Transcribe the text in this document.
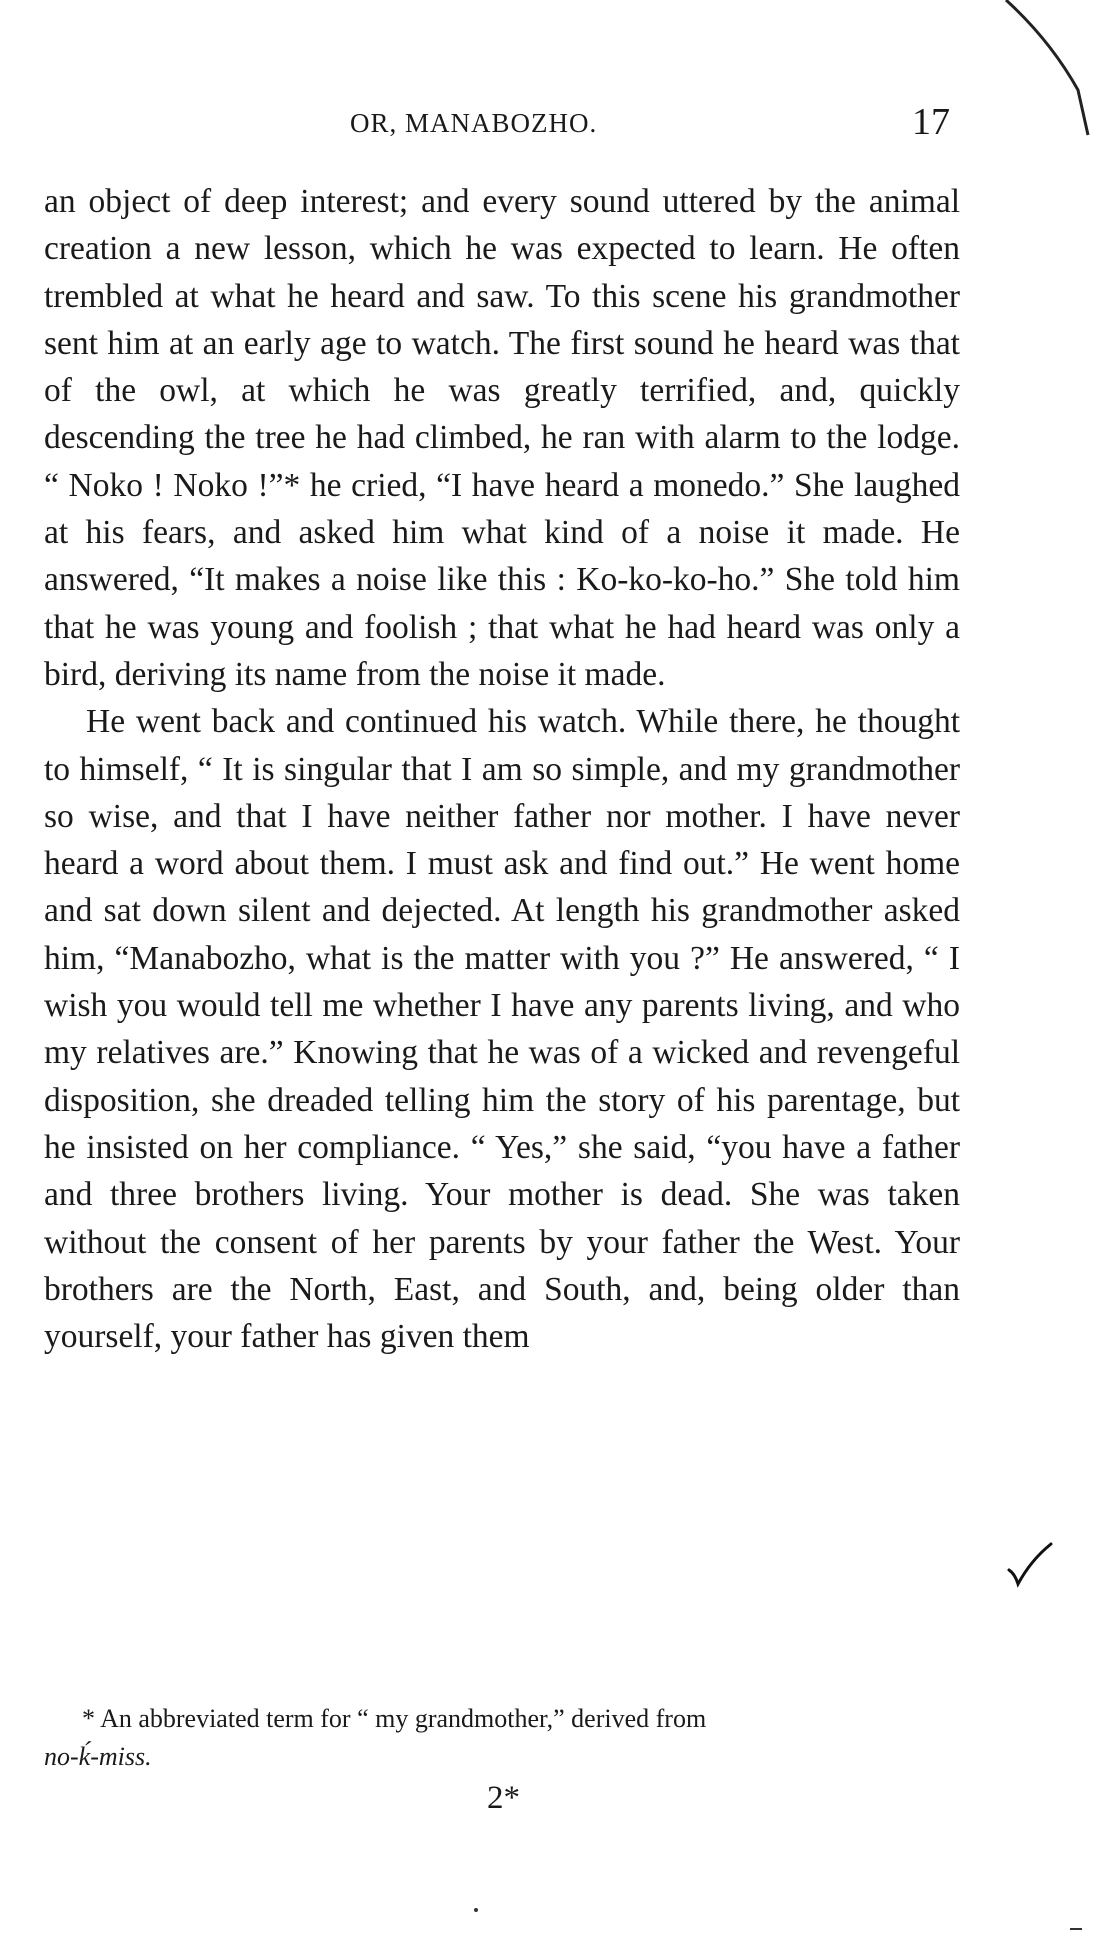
OR, MANABOZHO.	17

an object of deep interest; and every sound uttered by the animal creation a new lesson, which he was expected to learn. He often trembled at what he heard and saw. To this scene his grandmother sent him at an early age to watch. The first sound he heard was that of the owl, at which he was greatly terrified, and, quickly descending the tree he had climbed, he ran with alarm to the lodge. “ Noko ! Noko !”* he cried, “I have heard a monedo.” She laughed at his fears, and asked him what kind of a noise it made. He answered, “It makes a noise like this : Ko-ko-ko-ho.” She told him that he was young and foolish ; that what he had heard was only a bird, deriving its name from the noise it made.

He went back and continued his watch. While there, he thought to himself, “ It is singular that I am so simple, and my grandmother so wise, and that I have neither father nor mother. I have never heard a word about them. I must ask and find out.” He went home and sat down silent and dejected. At length his grandmother asked him, “Manabozho, what is the matter with you ?” He answered, “ I wish you would tell me whether I have any parents living, and who my relatives are.” Knowing that he was of a wicked and revengeful disposition, she dreaded telling him the story of his parentage, but he insisted on her compliance. “ Yes,” she said, “you have a father and three brothers living. Your mother is dead. She was taken without the consent of her parents by your father the West. Your brothers are the North, East, and South, and, being older than yourself, your father has given them

* An abbreviated term for “ my grandmother,” derived from
no-ḱ-miss.
2*
